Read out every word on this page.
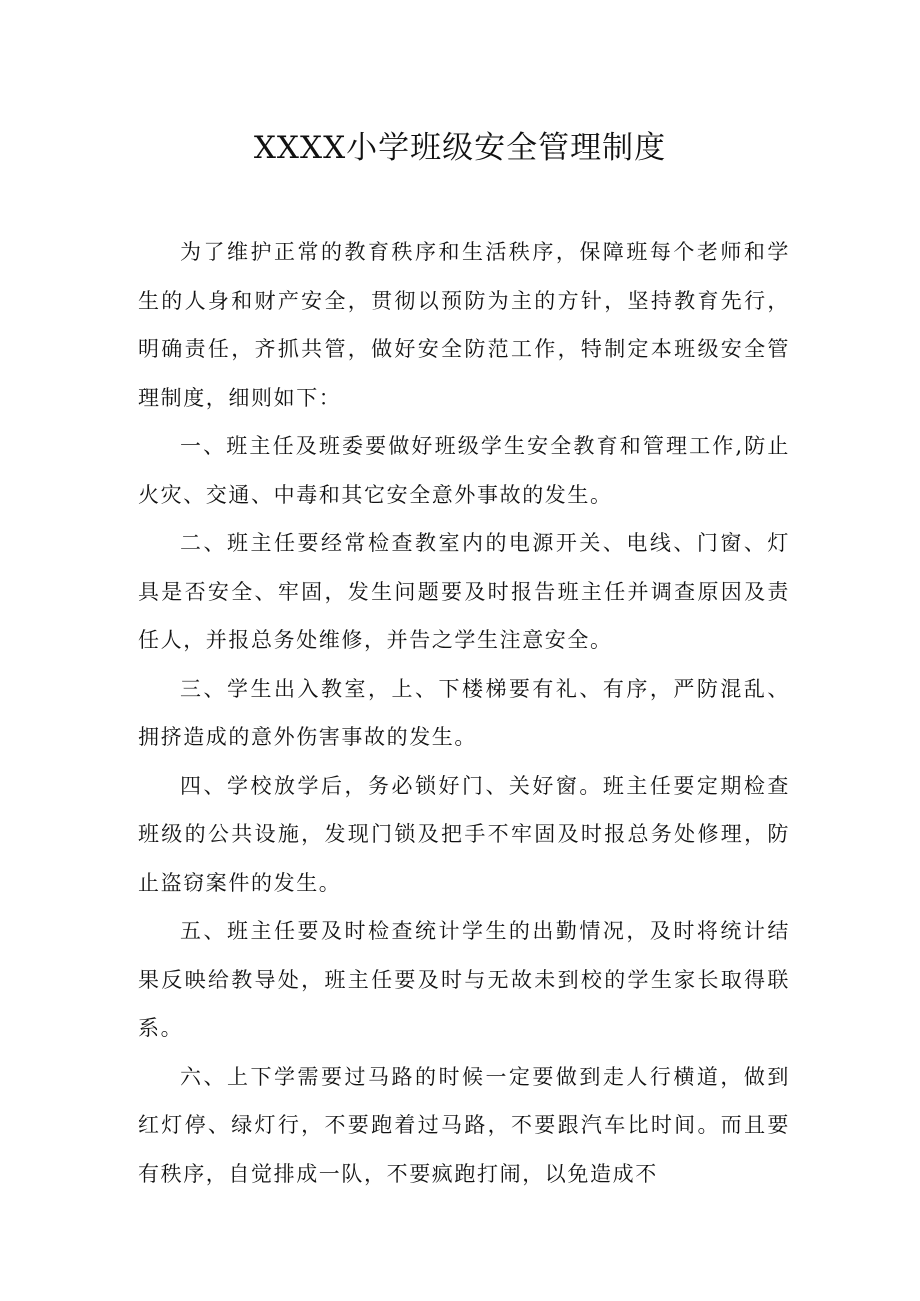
XXXX小学班级安全管理制度

为了维护正常的教育秩序和生活秩序，保障班每个老师和学生的人身和财产安全，贯彻以预防为主的方针，坚持教育先行，明确责任，齐抓共管，做好安全防范工作，特制定本班级安全管理制度，细则如下：

一、班主任及班委要做好班级学生安全教育和管理工作,防止火灾、交通、中毒和其它安全意外事故的发生。

二、班主任要经常检查教室内的电源开关、电线、门窗、灯具是否安全、牢固，发生问题要及时报告班主任并调查原因及责任人，并报总务处维修，并告之学生注意安全。

三、学生出入教室，上、下楼梯要有礼、有序，严防混乱、拥挤造成的意外伤害事故的发生。

四、学校放学后，务必锁好门、关好窗。班主任要定期检查班级的公共设施，发现门锁及把手不牢固及时报总务处修理，防止盗窃案件的发生。

五、班主任要及时检查统计学生的出勤情况，及时将统计结果反映给教导处，班主任要及时与无故未到校的学生家长取得联系。

六、上下学需要过马路的时候一定要做到走人行横道，做到红灯停、绿灯行，不要跑着过马路，不要跟汽车比时间。而且要有秩序，自觉排成一队，不要疯跑打闹，以免造成不
